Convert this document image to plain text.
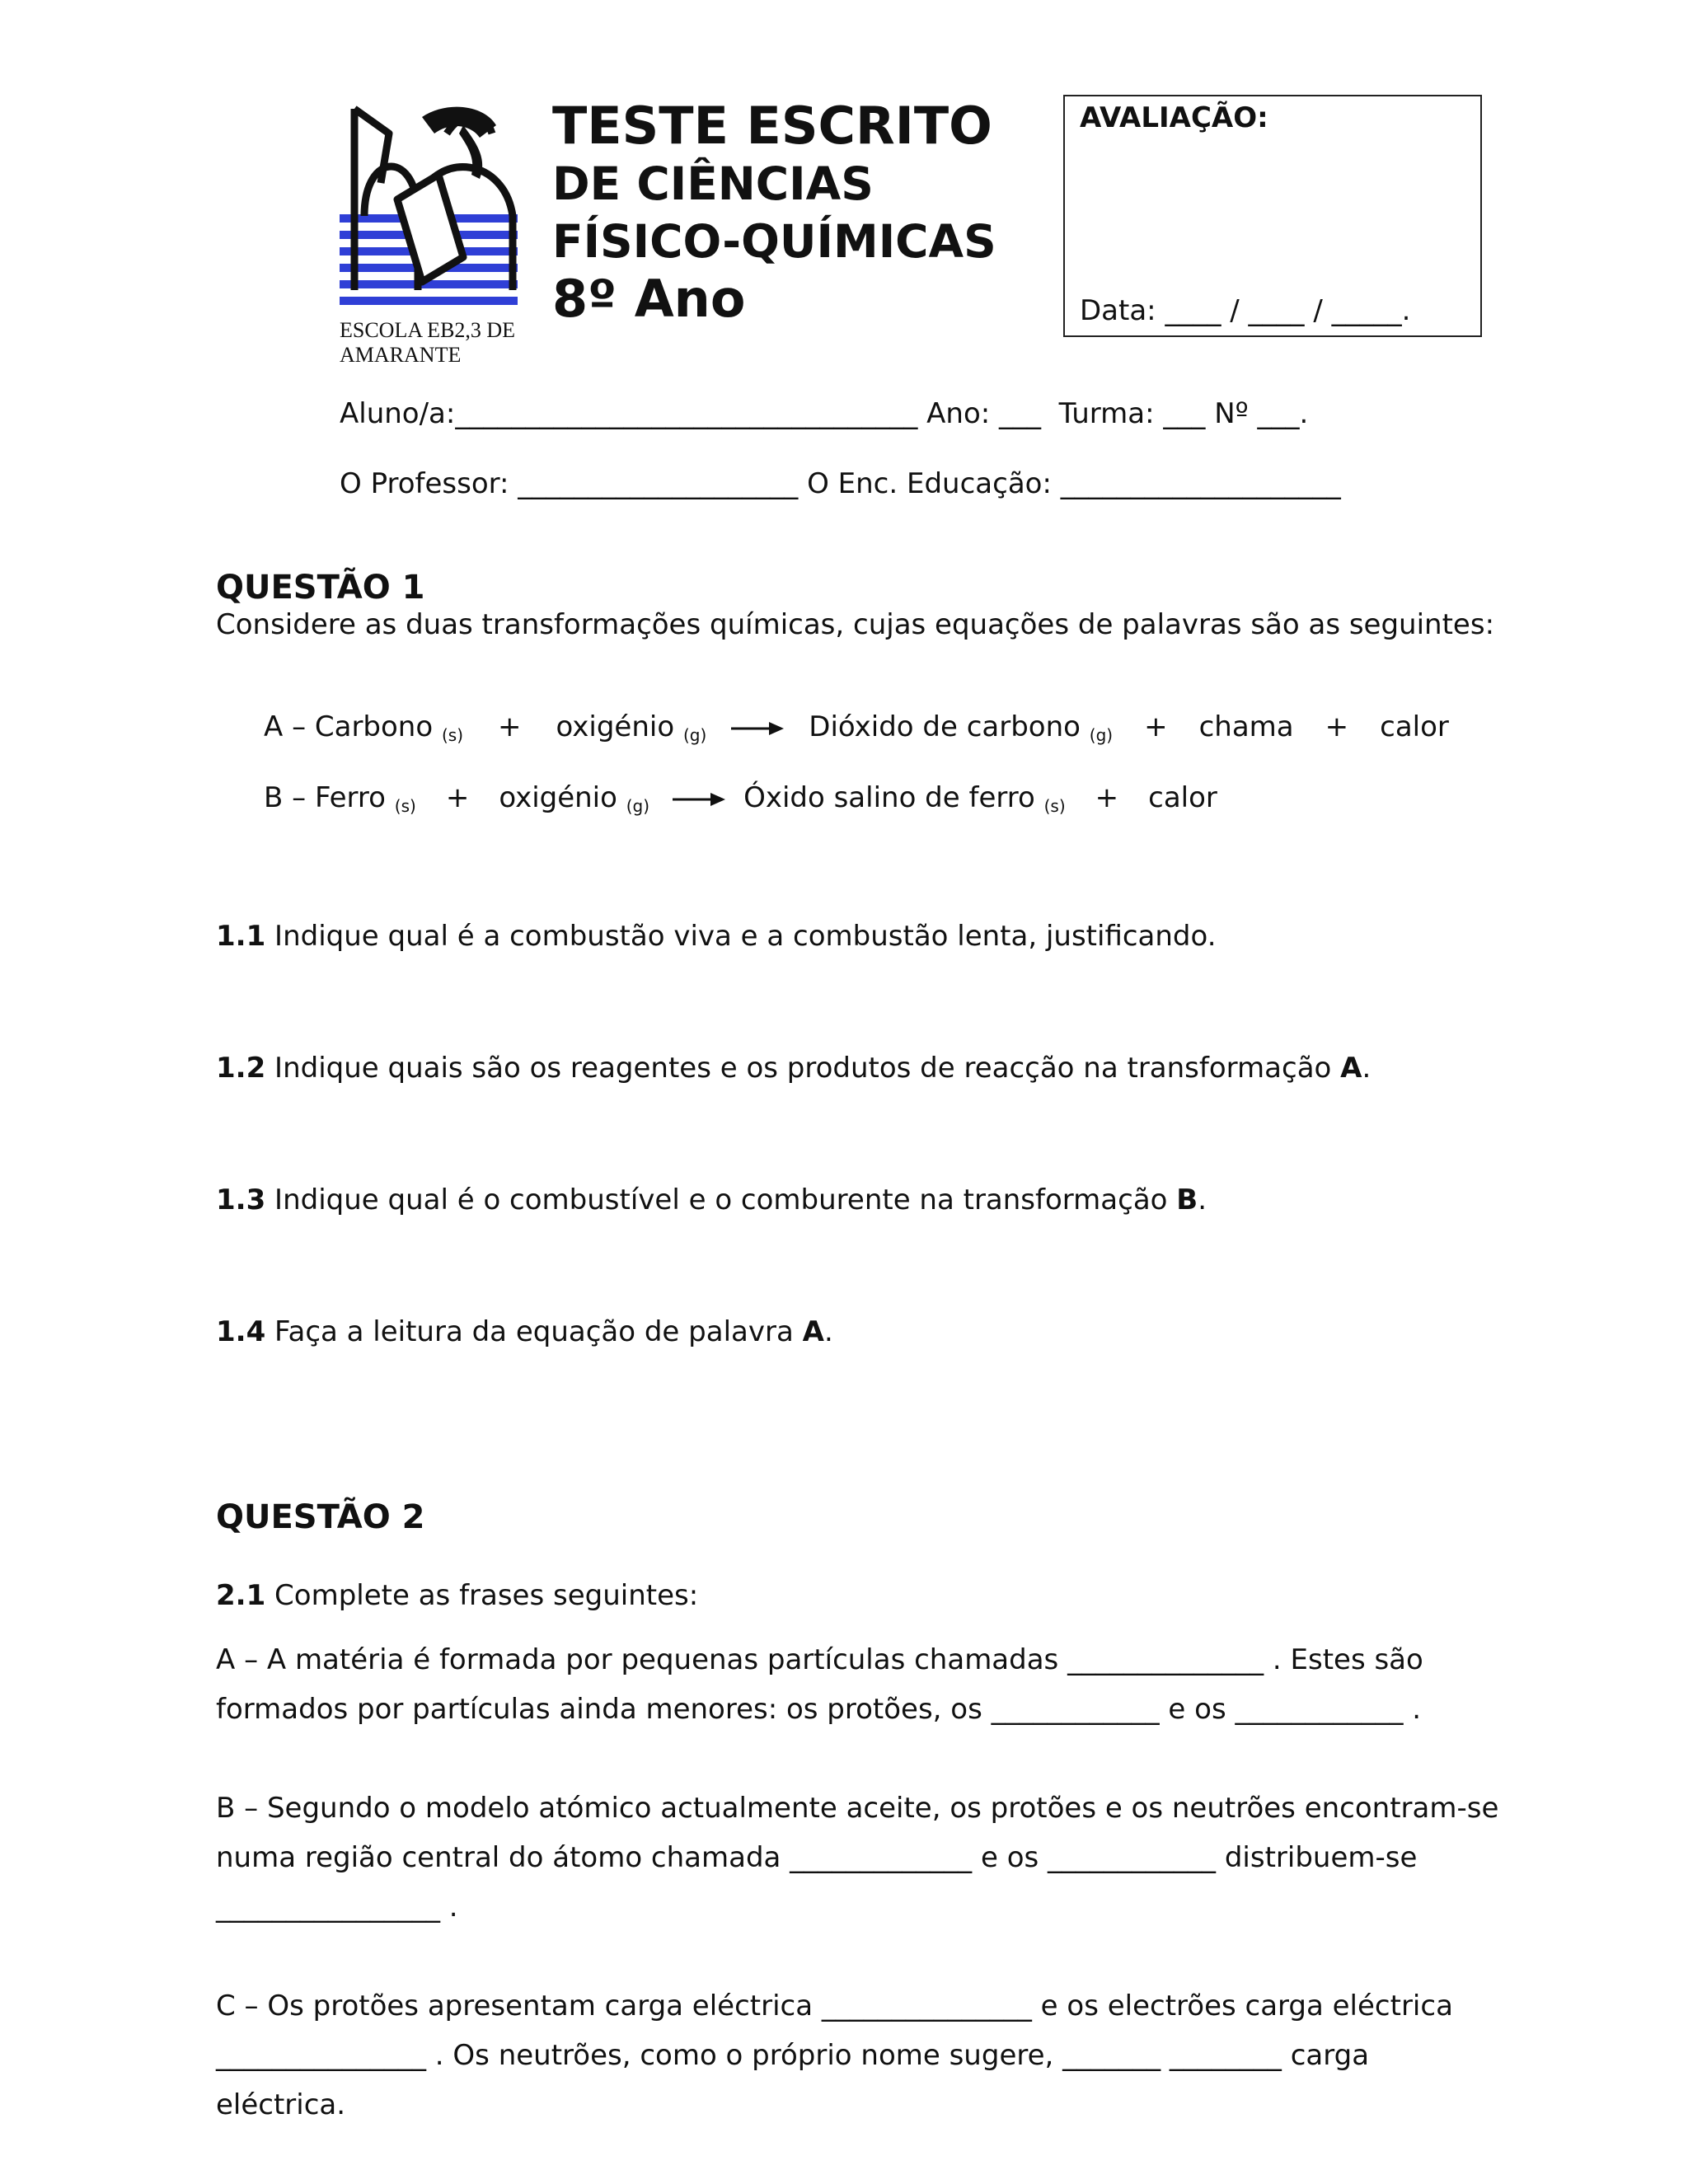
ESCOLA EB2,3 DE
AMARANTE
TESTE ESCRITO
DE CIÊNCIAS
FÍSICO-QUÍMICAS
8º Ano
AVALIAÇÃO:
Data: ____ / ____ / _____.
Aluno/a:_________________________________ Ano: ___  Turma: ___ Nº ___.
O Professor: ____________________ O Enc. Educação: ____________________
QUESTÃO 1
Considere as duas transformações químicas, cujas equações de palavras são as seguintes:
A – Carbono $_{(s)}$ + oxigénio $_{(g)}$	Dióxido de carbono $_{(g)}$ + chama + calor
B – Ferro $_{(s)}$ + oxigénio $_{(g)}$	Óxido salino de ferro $_{(s)}$ + calor
1.1 Indique qual é a combustão viva e a combustão lenta, justificando.
1.2 Indique quais são os reagentes e os produtos de reacção na transformação A.
1.3 Indique qual é o combustível e o comburente na transformação B.
1.4 Faça a leitura da equação de palavra A.
QUESTÃO 2
2.1 Complete as frases seguintes:
A – A matéria é formada por pequenas partículas chamadas ______________ . Estes são
formados por partículas ainda menores: os protões, os ____________ e os ____________ .
B – Segundo o modelo atómico actualmente aceite, os protões e os neutrões encontram-se
numa região central do átomo chamada _____________ e os ____________ distribuem-se
________________ .
C – Os protões apresentam carga eléctrica _______________ e os electrões carga eléctrica
_______________ . Os neutrões, como o próprio nome sugere, _______ ________ carga
eléctrica.
